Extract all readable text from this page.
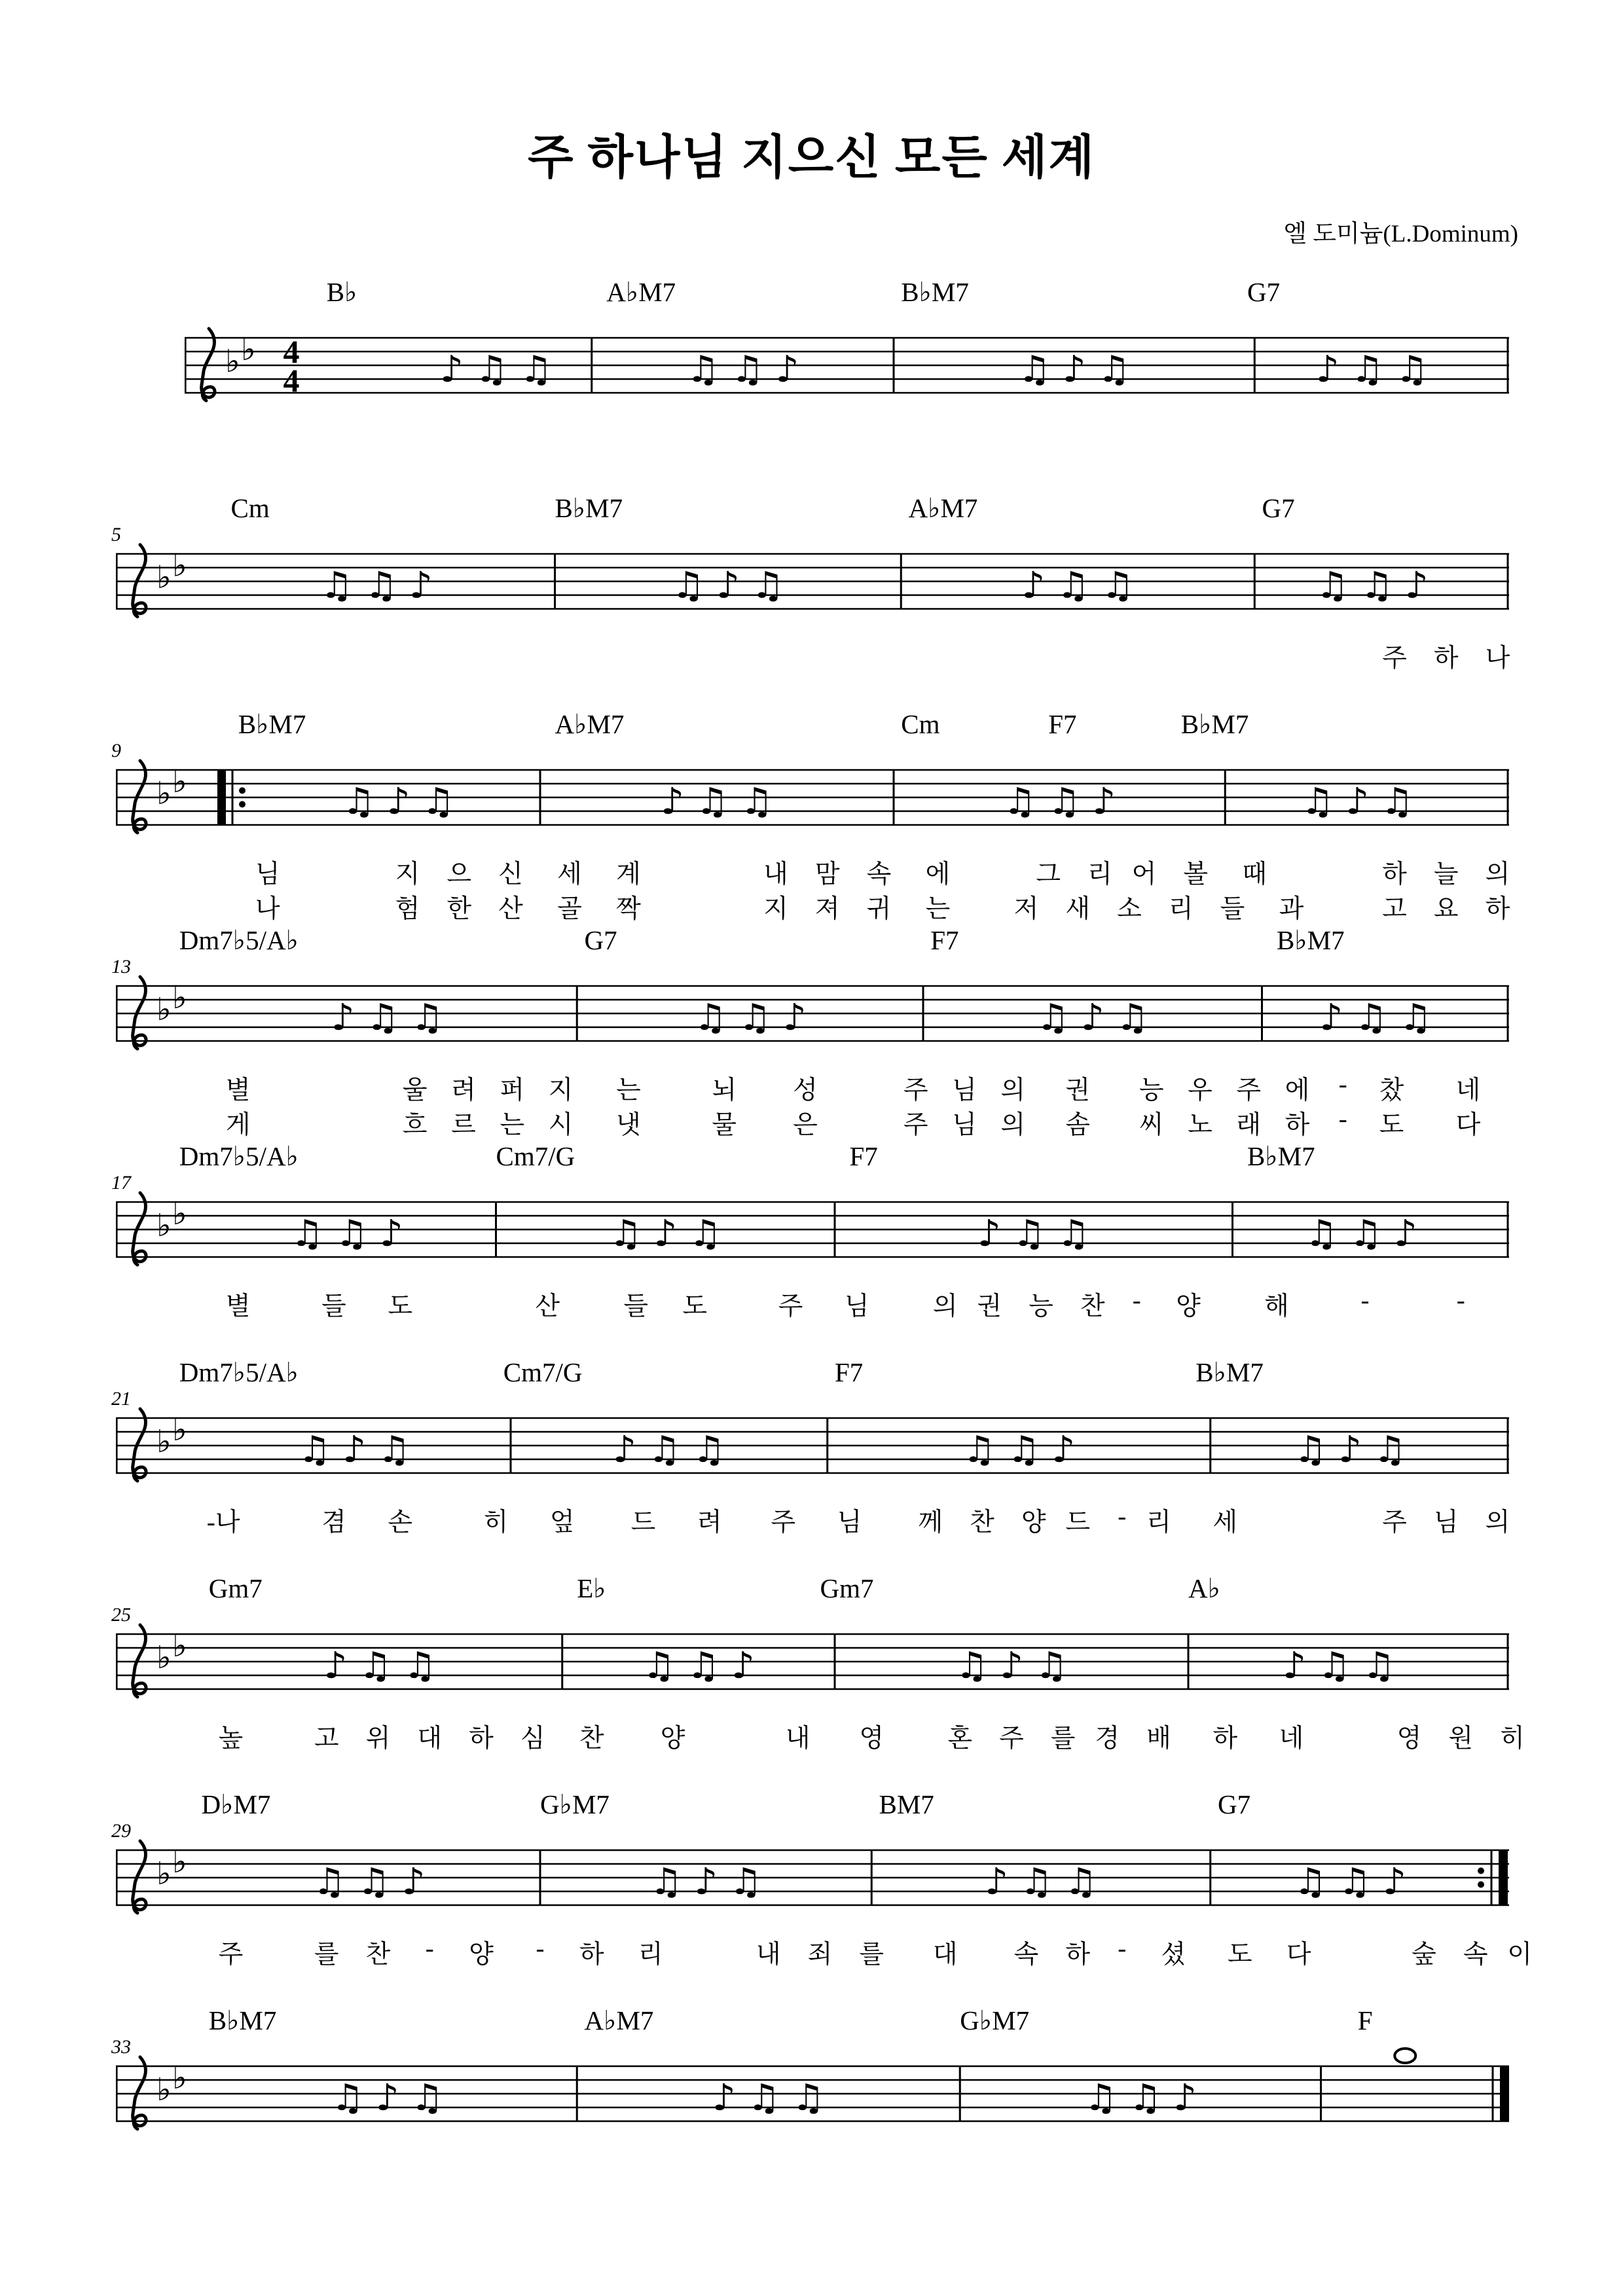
주 하나님 지으신 모든 세계
엘 도미늄(L.Dominum)
B♭	A♭M7	B♭M7	G7
♭ ♭ 4
4	♪ ♫ ♫	♫ ♫ ♪	♫ ♪ ♫	♪ ♫ ♫
Cm	B♭M7	A♭M7	G7
5
♭ ♭	♫ ♫ ♪	♫ ♪ ♫	♪ ♫ ♫	♫ ♫ ♪
주 하 나
B♭M7	A♭M7	Cm	F7	B♭M7
9
♭ ♭	♫ ♪ ♫	♪ ♫ ♫	♫ ♫ ♪	♫ ♪ ♫
님	지 으 신 세 계	내 맘 속 에	그 리 어 볼 때	하 늘 의
나	험 한 산 골 짝	지 져 귀 는 저 새 소 리 들 과	고 요 하
Dm7♭5/A♭	G7	F7	B♭M7
13
♭ ♭	♪ ♫ ♫	♫ ♫ ♪	♫ ♪ ♫	♪ ♫ ♫
별	울 려 퍼 지 는	뇌 성	주 님 의 권 능 우 주 에 - 찼 네
게	흐 르 는 시 냇	물 은	주 님 의 솜 씨 노 래 하 - 도 다
Dm7♭5/A♭	Cm7/G	F7	B♭M7
17
♭ ♭	♫ ♫ ♪	♫ ♪ ♫	♪ ♫ ♫	♫ ♫ ♪
별	들 도	산 들 도	주 님 의 권 능 찬 - 양 해	-	-
Dm7♭5/A♭	Cm7/G	F7	B♭M7
21
♭ ♭	♫ ♪ ♫	♪ ♫ ♫	♫ ♫ ♪	♫ ♪ ♫
-나	겸 손	히 엎 드 려 주 님 께 찬 양 드 - 리 세	주 님 의
Gm7	E♭	Gm7	A♭
25
♭ ♭	♪ ♫ ♫	♫ ♫ ♪	♫ ♪ ♫	♪ ♫ ♫
높	고 위 대 하 심 찬 양	내 영 혼 주 를 경 배 하 네	영 원 히
D♭M7	G♭M7	BM7	G7
29
♭ ♭	♫ ♫ ♪	♫ ♪ ♫	♪ ♫ ♫	♫ ♫ ♪
주	를 찬 - 양 - 하 리	내 죄 를 대 속 하 - 셨 도 다	숲 속 이
B♭M7	A♭M7	G♭M7	F
33
♭ ♭	♫ ♪ ♫	♪ ♫ ♫	♫ ♫ ♪
